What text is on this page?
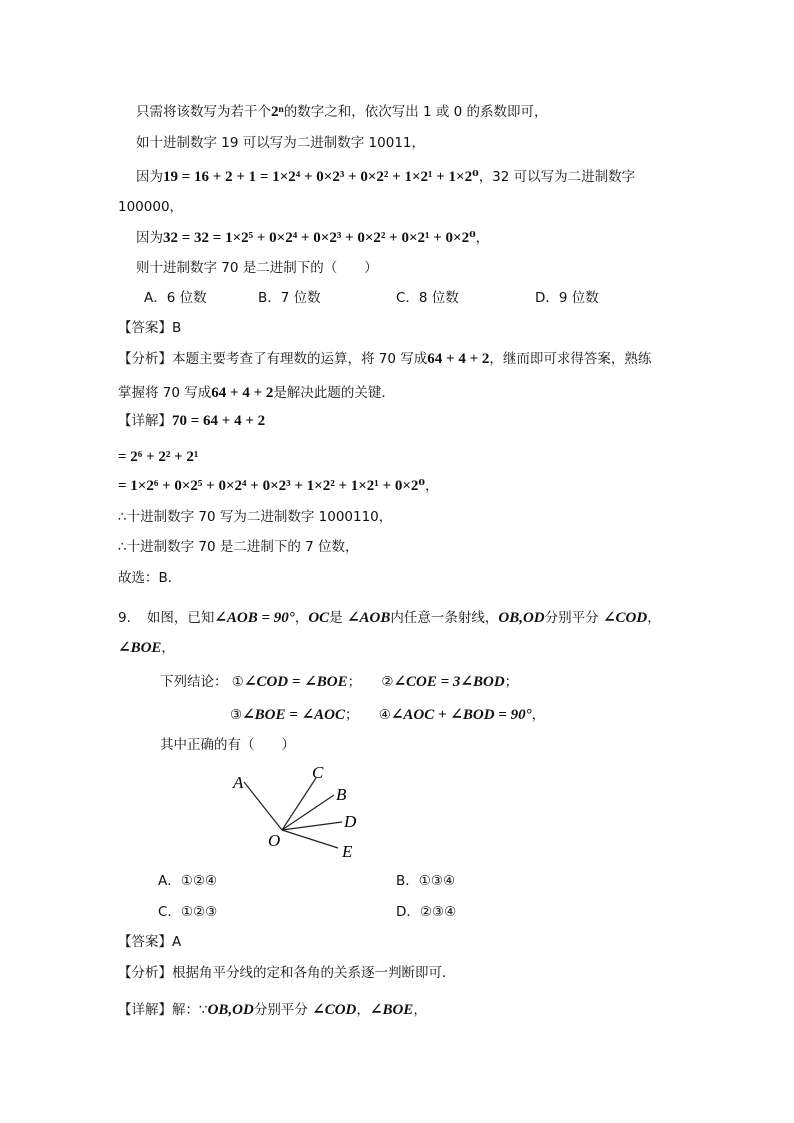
只需将该数写为若干个2ⁿ的数字之和，依次写出 1 或 0 的系数即可，
如十进制数字 19 可以写为二进制数字 10011，
因为19 = 16 + 2 + 1 = 1×2⁴ + 0×2³ + 0×2² + 1×2¹ + 1×2⁰，32 可以写为二进制数字
100000，
因为32 = 32 = 1×2⁵ + 0×2⁴ + 0×2³ + 0×2² + 0×2¹ + 0×2⁰，
则十进制数字 70 是二进制下的（　　）
A．6 位数	B．7 位数	C．8 位数	D．9 位数
【答案】B
【分析】本题主要考查了有理数的运算，将 70 写成64 + 4 + 2，继而即可求得答案，熟练
掌握将 70 写成64 + 4 + 2是解决此题的关键．
【详解】70 = 64 + 4 + 2
= 2⁶ + 2² + 2¹
= 1×2⁶ + 0×2⁵ + 0×2⁴ + 0×2³ + 1×2² + 1×2¹ + 0×2⁰，
∴十进制数字 70 写为二进制数字 1000110，
∴十进制数字 70 是二进制下的 7 位数，
故选：B．
9．　如图，已知∠AOB = 90°，OC是 ∠AOB内任意一条射线，OB,OD分别平分 ∠COD，
∠BOE，
下列结论： ①∠COD = ∠BOE；　　②∠COE = 3∠BOD；
③∠BOE = ∠AOC；　　④∠AOC + ∠BOD = 90°，
其中正确的有（　　）
A．①②④	B．①③④
C．①②③	D．②③④
【答案】A
【分析】根据角平分线的定和各角的关系逐一判断即可．
【详解】解：∵OB,OD分别平分 ∠COD，∠BOE，
A
C
B
D
E
O
